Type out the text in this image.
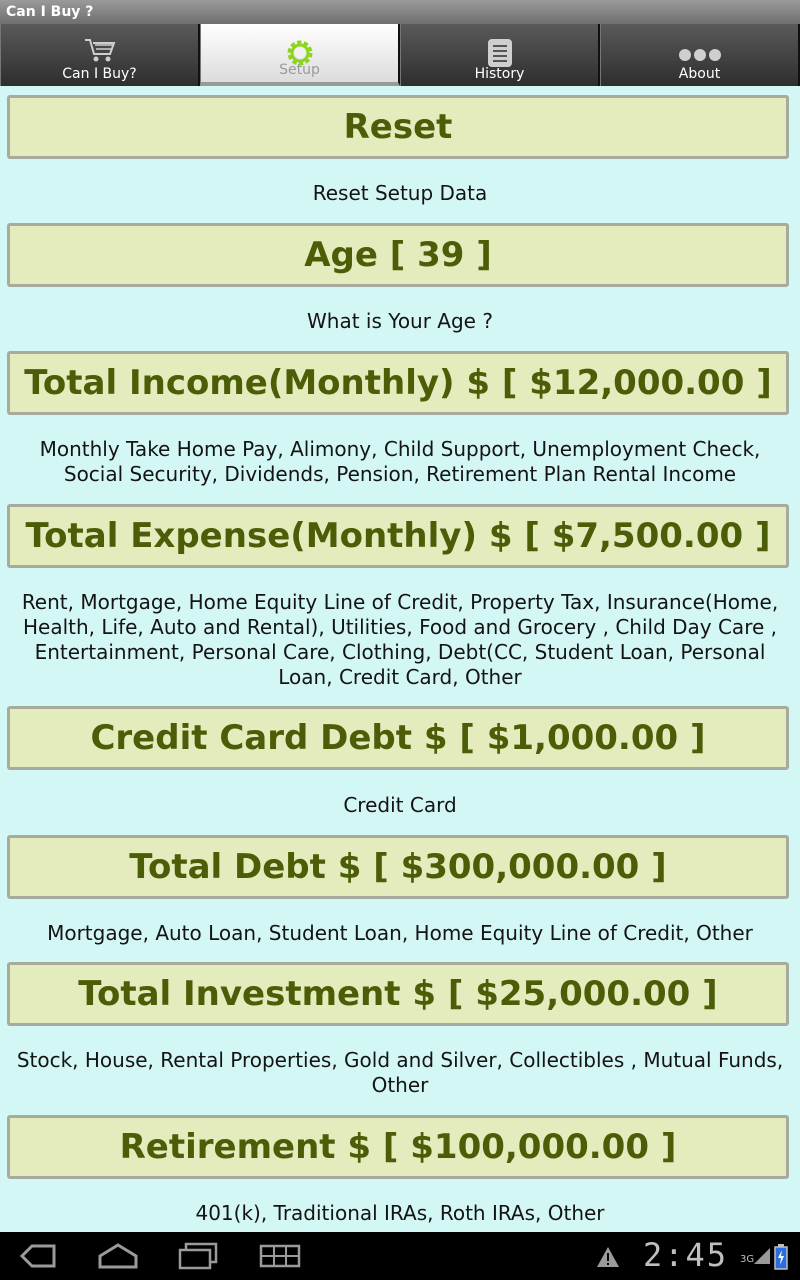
Can I Buy ?
Can I Buy?	Setup	History	About
Reset
Reset Setup Data
Age [ 39 ]
What is Your Age ?
Total Income(Monthly) $ [ $12,000.00 ]
Monthly Take Home Pay, Alimony, Child Support, Unemployment Check, Social Security, Dividends, Pension, Retirement Plan Rental Income
Total Expense(Monthly) $ [ $7,500.00 ]
Rent, Mortgage, Home Equity Line of Credit, Property Tax, Insurance(Home, Health, Life, Auto and Rental), Utilities, Food and Grocery , Child Day Care , Entertainment, Personal Care, Clothing, Debt(CC, Student Loan, Personal Loan, Credit Card, Other
Credit Card Debt $ [ $1,000.00 ]
Credit Card
Total Debt $ [ $300,000.00 ]
Mortgage, Auto Loan, Student Loan, Home Equity Line of Credit, Other
Total Investment $ [ $25,000.00 ]
Stock, House, Rental Properties, Gold and Silver, Collectibles , Mutual Funds, Other
Retirement $ [ $100,000.00 ]
401(k), Traditional IRAs, Roth IRAs, Other
2:45 3G
